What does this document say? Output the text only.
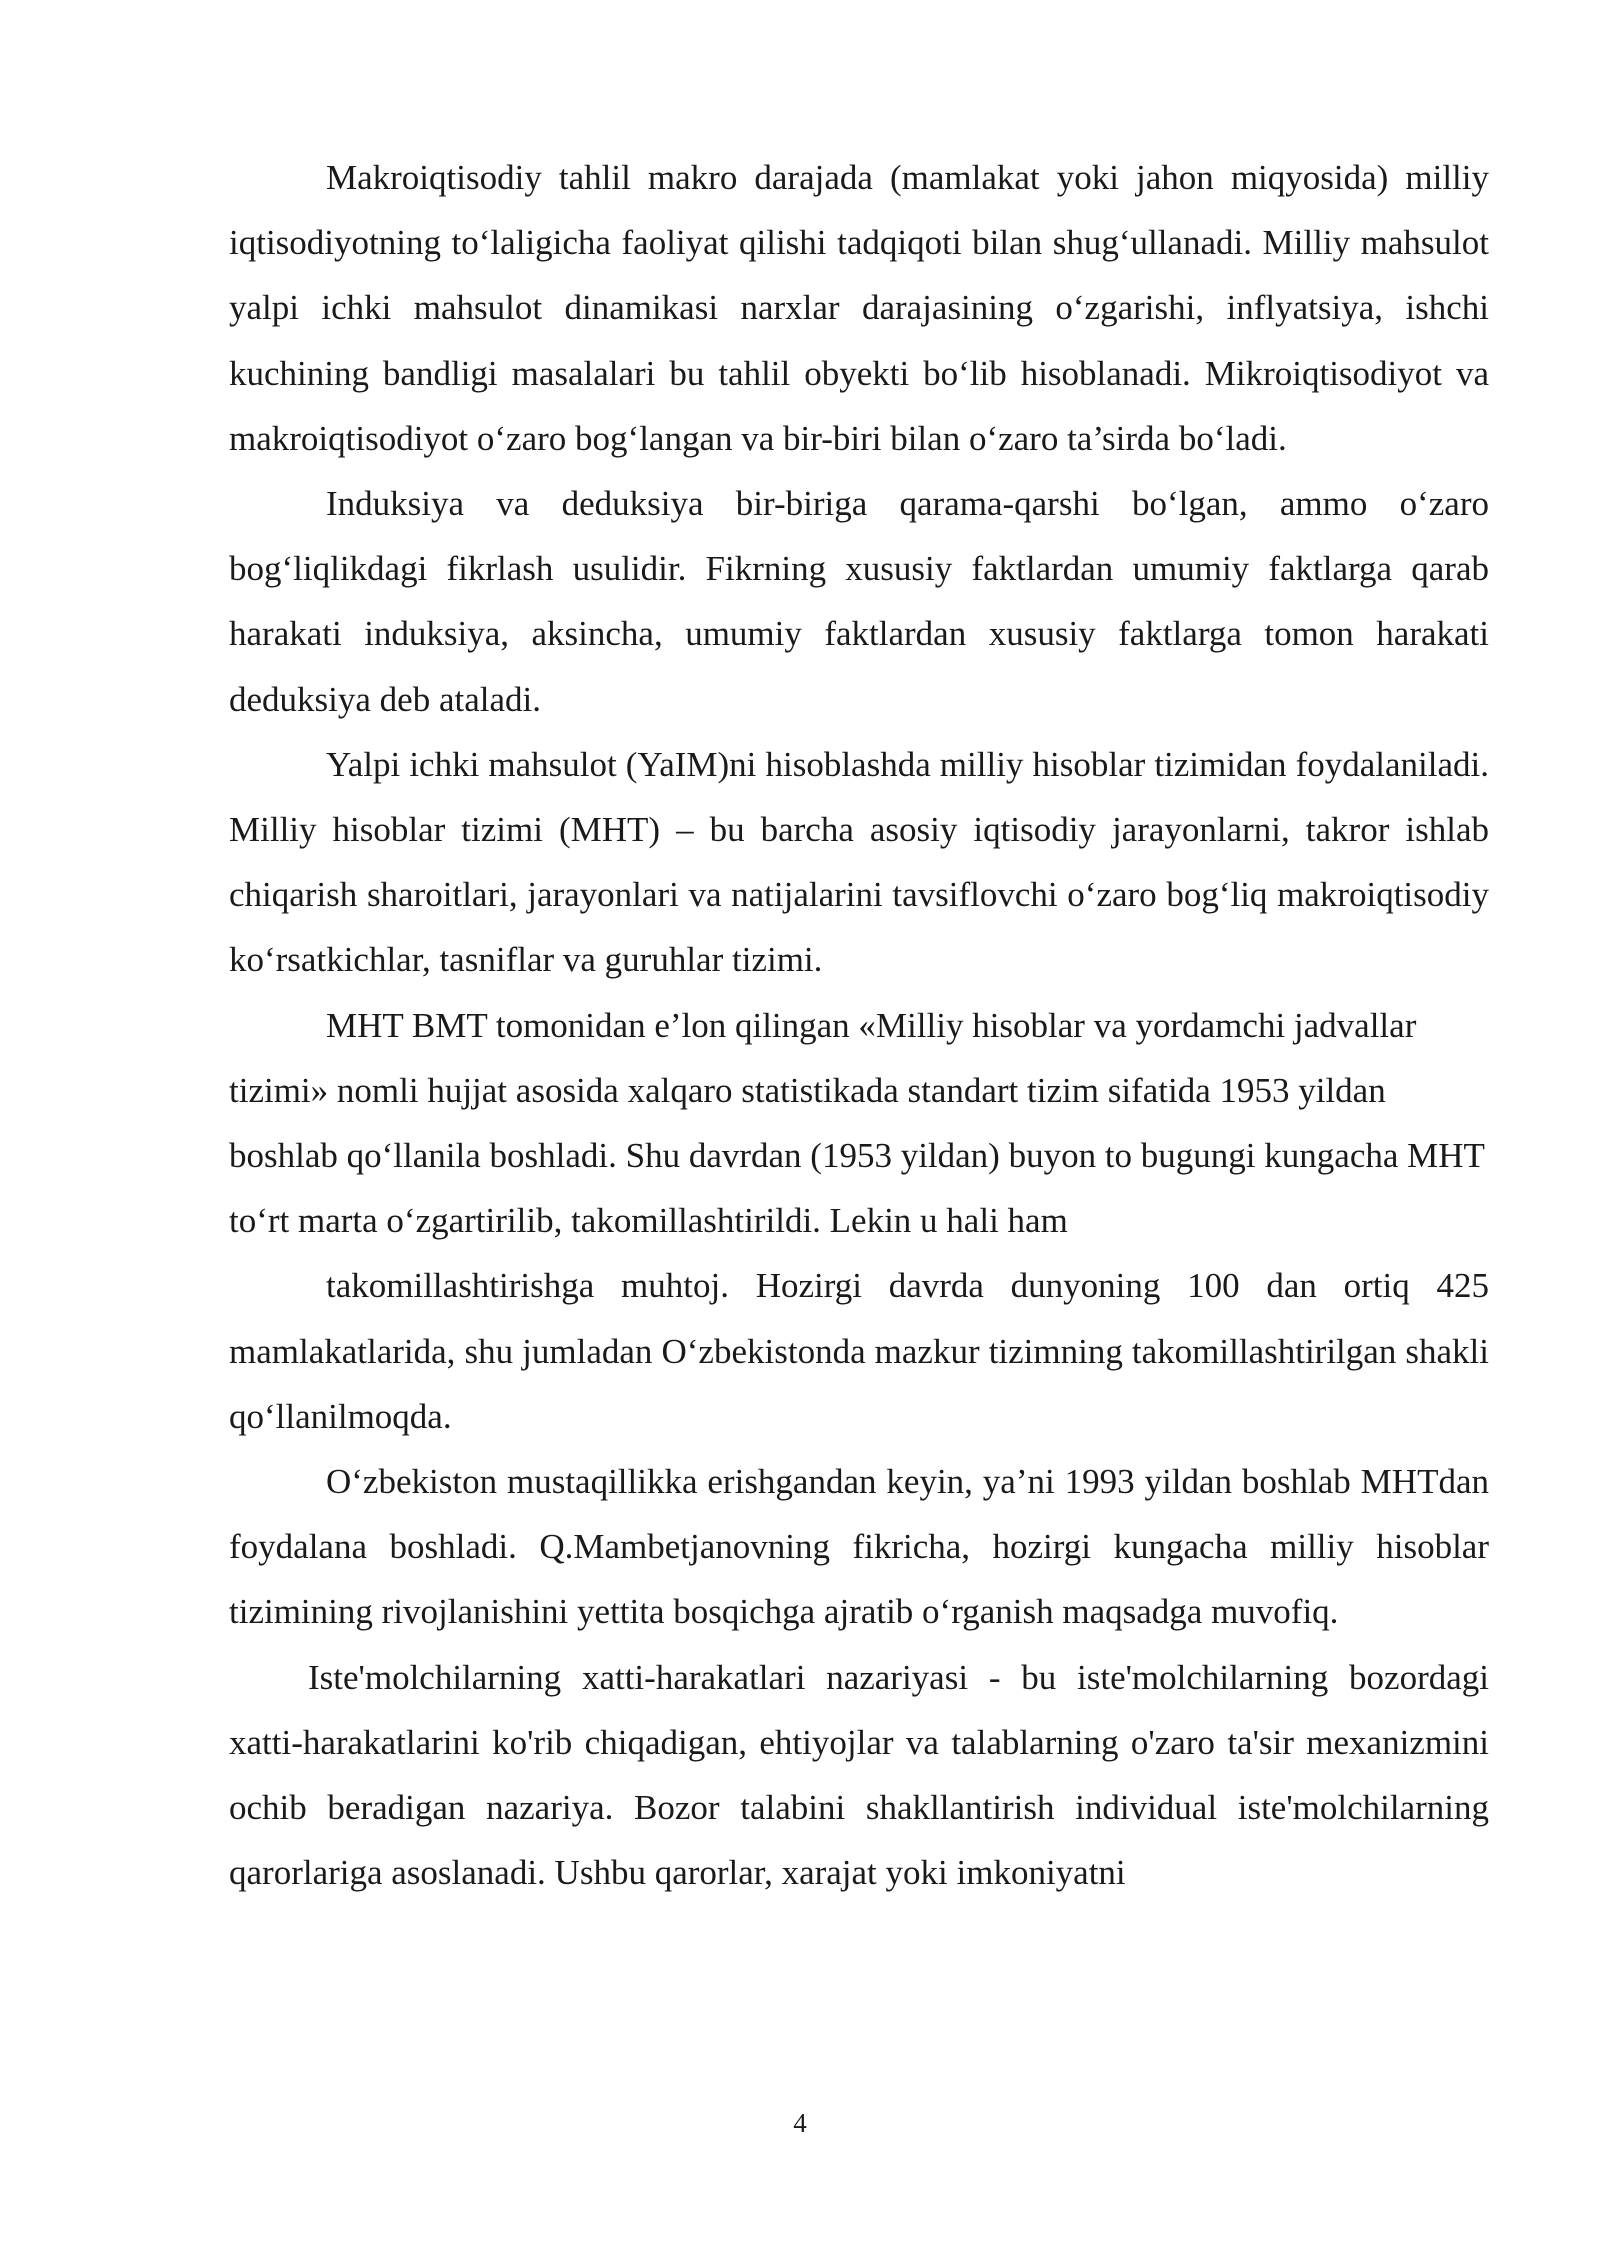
Makroiqtisodiy tahlil makro darajada (mamlakat yoki jahon miqyosida) milliy iqtisodiyotning to‘laligicha faoliyat qilishi tadqiqoti bilan shug‘ullanadi. Milliy mahsulot yalpi ichki mahsulot dinamikasi narxlar darajasining o‘zgarishi, inflyatsiya, ishchi kuchining bandligi masalalari bu tahlil obyekti bo‘lib hisoblanadi. Mikroiqtisodiyot va makroiqtisodiyot o‘zaro bog‘langan va bir-biri bilan o‘zaro ta’sirda bo‘ladi.

Induksiya va deduksiya bir-biriga qarama-qarshi bo‘lgan, ammo o‘zaro bog‘liqlikdagi fikrlash usulidir. Fikrning xususiy faktlardan umumiy faktlarga qarab harakati induksiya, aksincha, umumiy faktlardan xususiy faktlarga tomon harakati deduksiya deb ataladi.

Yalpi ichki mahsulot (YaIM)ni hisoblashda milliy hisoblar tizimidan foydalaniladi. Milliy hisoblar tizimi (MHT) – bu barcha asosiy iqtisodiy jarayonlarni, takror ishlab chiqarish sharoitlari, jarayonlari va natijalarini tavsiflovchi o‘zaro bog‘liq makroiqtisodiy ko‘rsatkichlar, tasniflar va guruhlar tizimi.

MHT BMT tomonidan e’lon qilingan «Milliy hisoblar va yordamchi jadvallar tizimi» nomli hujjat asosida xalqaro statistikada standart tizim sifatida 1953 yildan boshlab qo‘llanila boshladi. Shu davrdan (1953 yildan) buyon to bugungi kungacha MHT to‘rt marta o‘zgartirilib, takomillashtirildi. Lekin u hali ham

takomillashtirishga muhtoj. Hozirgi davrda dunyoning 100 dan ortiq 425 mamlakatlarida, shu jumladan O‘zbekistonda mazkur tizimning takomillashtirilgan shakli qo‘llanilmoqda.

O‘zbekiston mustaqillikka erishgandan keyin, ya’ni 1993 yildan boshlab MHTdan foydalana boshladi. Q.Mambetjanovning fikricha, hozirgi kungacha milliy hisoblar tizimining rivojlanishini yettita bosqichga ajratib o‘rganish maqsadga muvofiq.

Iste'molchilarning xatti-harakatlari nazariyasi - bu iste'molchilarning bozordagi xatti-harakatlarini ko'rib chiqadigan, ehtiyojlar va talablarning o'zaro ta'sir mexanizmini ochib beradigan nazariya. Bozor talabini shakllantirish individual iste'molchilarning qarorlariga asoslanadi. Ushbu qarorlar, xarajat yoki imkoniyatni

4
